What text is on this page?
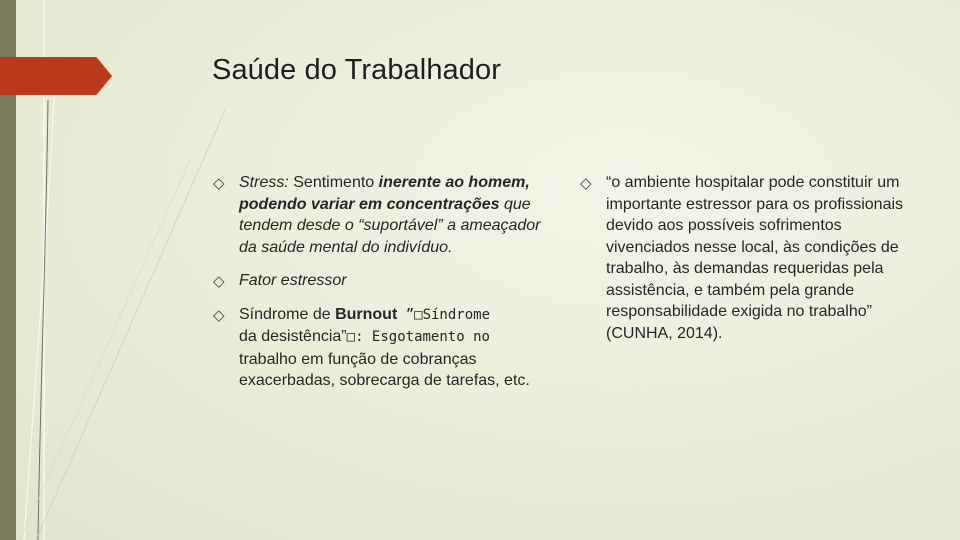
Saúde do Trabalhador

◇ Stress: Sentimento inerente ao homem, podendo variar em concentrações que tendem desde o “suportável” a ameaçador da saúde mental do indivíduo.

◇ Fator estressor

◇ Síndrome de Burnout ”□Síndrome
da desistência”□: Esgotamento no
trabalho em função de cobranças exacerbadas, sobrecarga de tarefas, etc.

◇ “o ambiente hospitalar pode constituir um importante estressor para os profissionais devido aos possíveis sofrimentos vivenciados nesse local, às condições de trabalho, às demandas requeridas pela assistência, e também pela grande responsabilidade exigida no trabalho” (CUNHA, 2014).
